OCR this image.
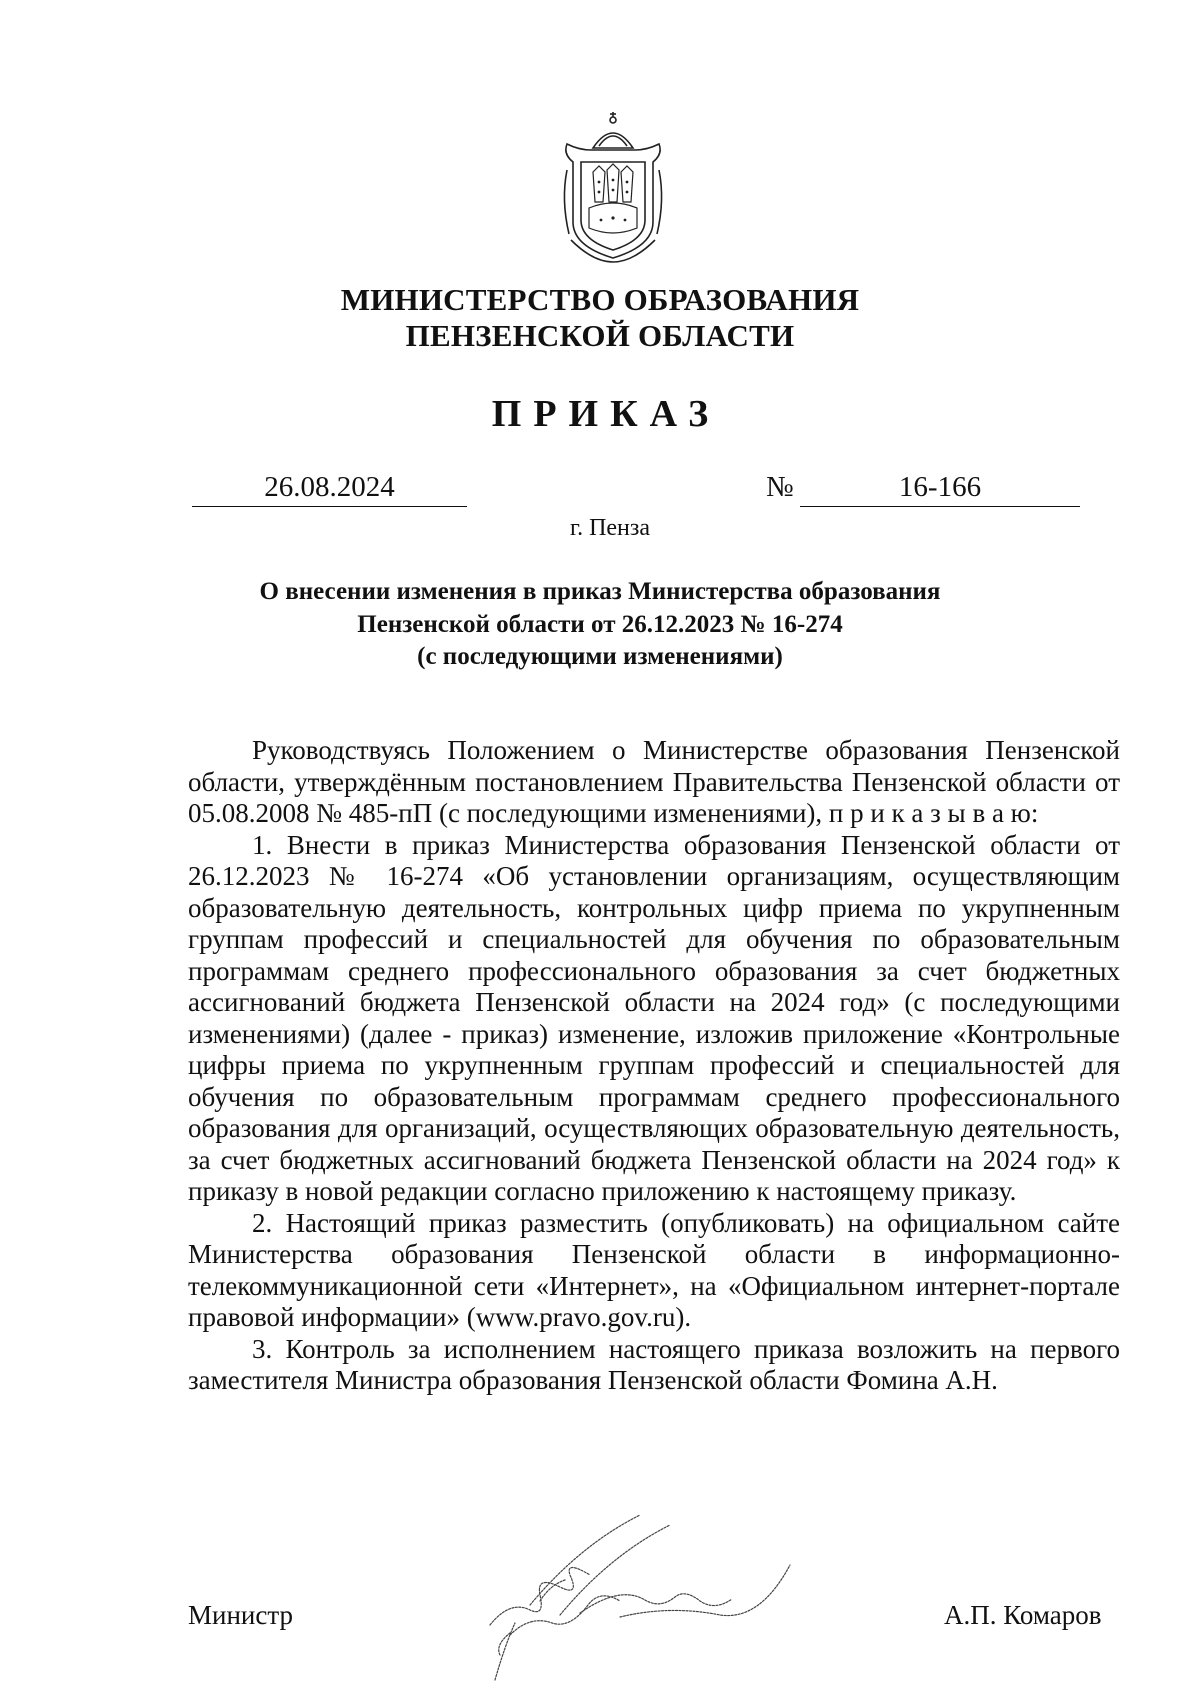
МИНИСТЕРСТВО ОБРАЗОВАНИЯ
ПЕНЗЕНСКОЙ ОБЛАСТИ
ПРИКАЗ
26.08.2024	№	16-166
г. Пенза
О внесении изменения в приказ Министерства образования
Пензенской области от 26.12.2023 № 16-274
(с последующими изменениями)

Руководствуясь Положением о Министерстве образования Пензенской области, утверждённым постановлением Правительства Пензенской области от 05.08.2008 № 485-пП (с последующими изменениями), п р и к а з ы в а ю:

1. Внести в приказ Министерства образования Пензенской области от 26.12.2023 № 16-274 «Об установлении организациям, осуществляющим образовательную деятельность, контрольных цифр приема по укрупненным группам профессий и специальностей для обучения по образовательным программам среднего профессионального образования за счет бюджетных ассигнований бюджета Пензенской области на 2024 год» (с последующими изменениями) (далее - приказ) изменение, изложив приложение «Контрольные цифры приема по укрупненным группам профессий и специальностей для обучения по образовательным программам среднего профессионального образования для организаций, осуществляющих образовательную деятельность, за счет бюджетных ассигнований бюджета Пензенской области на 2024 год» к приказу в новой редакции согласно приложению к настоящему приказу.

2. Настоящий приказ разместить (опубликовать) на официальном сайте Министерства образования Пензенской области в информационно-телекоммуникационной сети «Интернет», на «Официальном интернет-портале правовой информации» (www.pravo.gov.ru).

3. Контроль за исполнением настоящего приказа возложить на первого заместителя Министра образования Пензенской области Фомина А.Н.

Министр	А.П. Комаров
